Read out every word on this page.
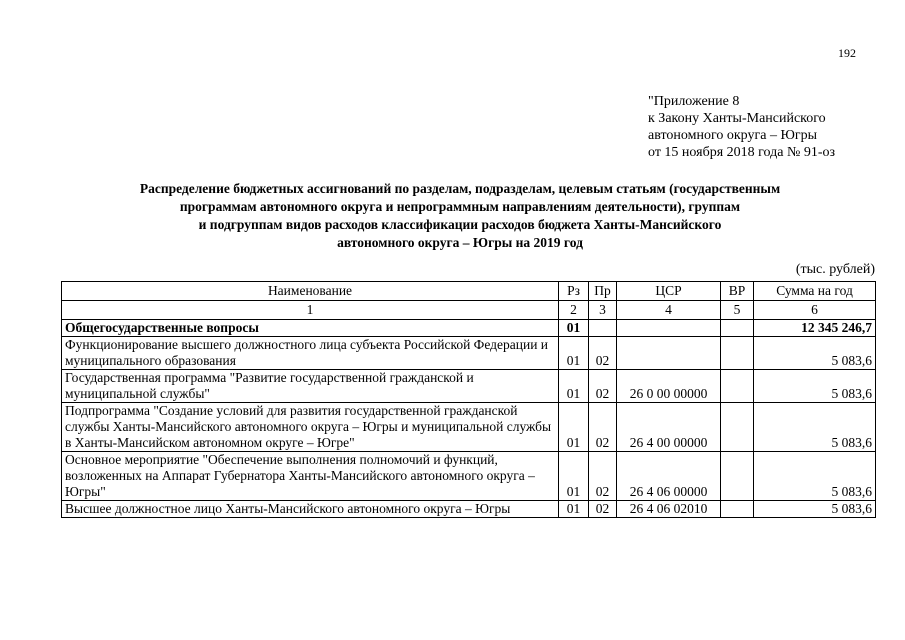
192
"Приложение 8
к Закону Ханты-Мансийского
автономного округа – Югры
от 15 ноября 2018 года № 91-оз
Распределение бюджетных ассигнований по разделам, подразделам, целевым статьям (государственным
программам автономного округа и непрограммным направлениям деятельности), группам
и подгруппам видов расходов классификации расходов бюджета Ханты-Мансийского
автономного округа – Югры на 2019 год
(тыс. рублей)
Наименование	Рз	Пр	ЦСР	ВР	Сумма на год
1	2	3	4	5	6
Общегосударственные вопросы	01				12 345 246,7
Функционирование высшего должностного лица субъекта Российской Федерации и муниципального образования	01	02			5 083,6
Государственная программа "Развитие государственной гражданской и муниципальной службы"	01	02	26 0 00 00000		5 083,6
Подпрограмма "Создание условий для развития государственной гражданской службы Ханты-Мансийского автономного округа – Югры и муниципальной службы в Ханты-Мансийском автономном округе – Югре"	01	02	26 4 00 00000		5 083,6
Основное мероприятие "Обеспечение выполнения полномочий и функций, возложенных на Аппарат Губернатора Ханты-Мансийского автономного округа – Югры"	01	02	26 4 06 00000		5 083,6
Высшее должностное лицо Ханты-Мансийского автономного округа – Югры	01	02	26 4 06 02010		5 083,6
